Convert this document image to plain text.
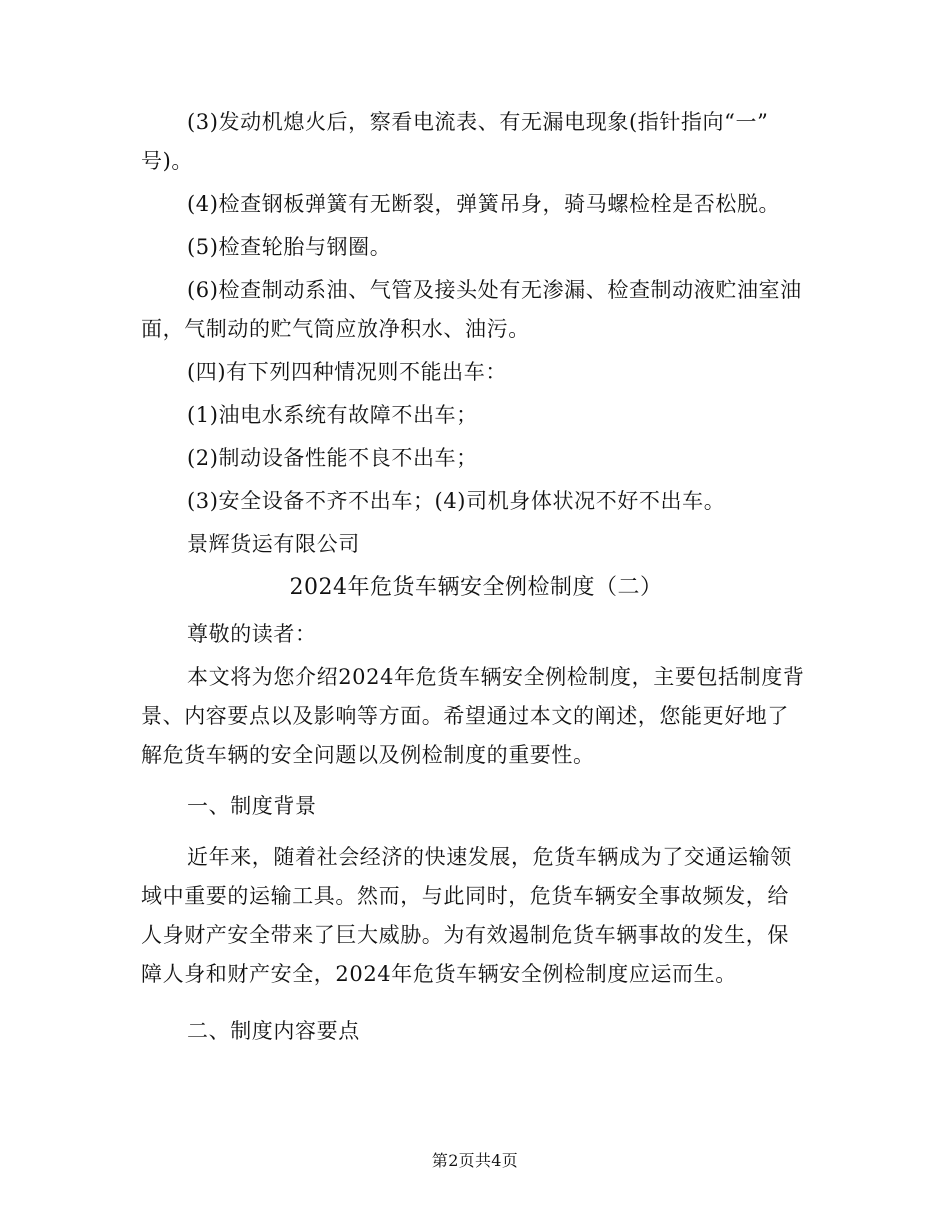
(3)发动机熄火后，察看电流表、有无漏电现象(指针指向“一”
号)。

(4)检查钢板弹簧有无断裂，弹簧吊身，骑马螺检栓是否松脱。

(5)检查轮胎与钢圈。

(6)检查制动系油、气管及接头处有无渗漏、检查制动液贮油室油
面，气制动的贮气筒应放净积水、油污。

(四)有下列四种情况则不能出车：

(1)油电水系统有故障不出车；

(2)制动设备性能不良不出车；

(3)安全设备不齐不出车；(4)司机身体状况不好不出车。

景辉货运有限公司

2024年危货车辆安全例检制度（二）

尊敬的读者：

本文将为您介绍2024年危货车辆安全例检制度，主要包括制度背
景、内容要点以及影响等方面。希望通过本文的阐述，您能更好地了
解危货车辆的安全问题以及例检制度的重要性。

一、制度背景

近年来，随着社会经济的快速发展，危货车辆成为了交通运输领
域中重要的运输工具。然而，与此同时，危货车辆安全事故频发，给
人身财产安全带来了巨大威胁。为有效遏制危货车辆事故的发生，保
障人身和财产安全，2024年危货车辆安全例检制度应运而生。

二、制度内容要点

第2页共4页
